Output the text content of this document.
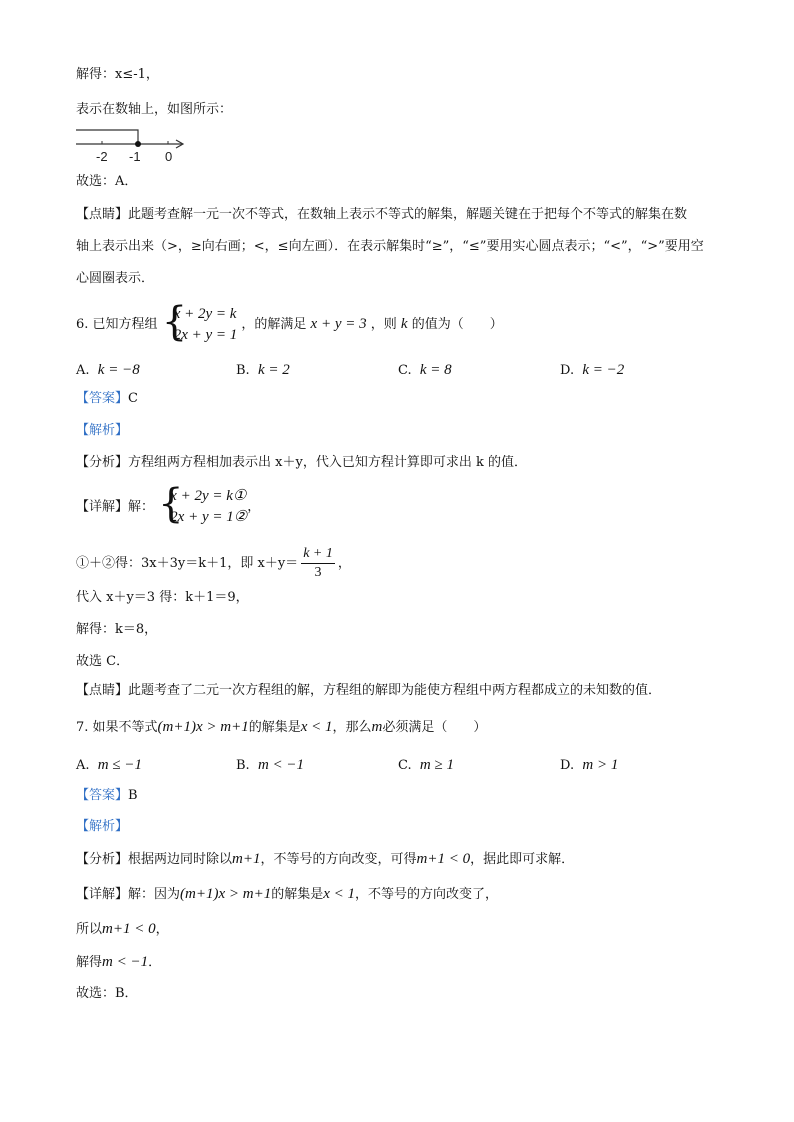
解得：x≤-1，
表示在数轴上，如图所示：
-2 -1 0
故选：A．
【点睛】此题考查解一元一次不等式，在数轴上表示不等式的解集，解题关键在于把每个不等式的解集在数
轴上表示出来（>，≥向右画；<，≤向左画）．在表示解集时“≥”，“≤”要用实心圆点表示；“<”，“>”要用空
心圆圈表示．
6. 已知方程组 {
x + 2y = k
2x + y = 1
，的解满足 x + y = 3 ，则 k 的值为（　　）
A. k = −8	B. k = 2	C. k = 8	D. k = −2
【答案】C
【解析】
【分析】方程组两方程相加表示出 x＋y，代入已知方程计算即可求出 k 的值．
【详解】解： {
x + 2y = k①
2x + y = 1②
，
①＋②得：3x＋3y＝k＋1，即 $x+y= \frac{k + 1}{3}$ ，
代入 x＋y＝3 得：k＋1＝9，
解得：k＝8，
故选 C．
【点睛】此题考查了二元一次方程组的解，方程组的解即为能使方程组中两方程都成立的未知数的值．
7. 如果不等式(m+1)x > m+1的解集是x < 1，那么m必须满足（　　）
A. m ≤ −1	B. m < −1	C. m ≥ 1	D. m > 1
【答案】B
【解析】
【分析】根据两边同时除以m+1，不等号的方向改变，可得m+1 < 0，据此即可求解．
【详解】解：因为(m+1)x > m+1的解集是x < 1，不等号的方向改变了，
所以m+1 < 0，
解得m < −1．
故选：B．
